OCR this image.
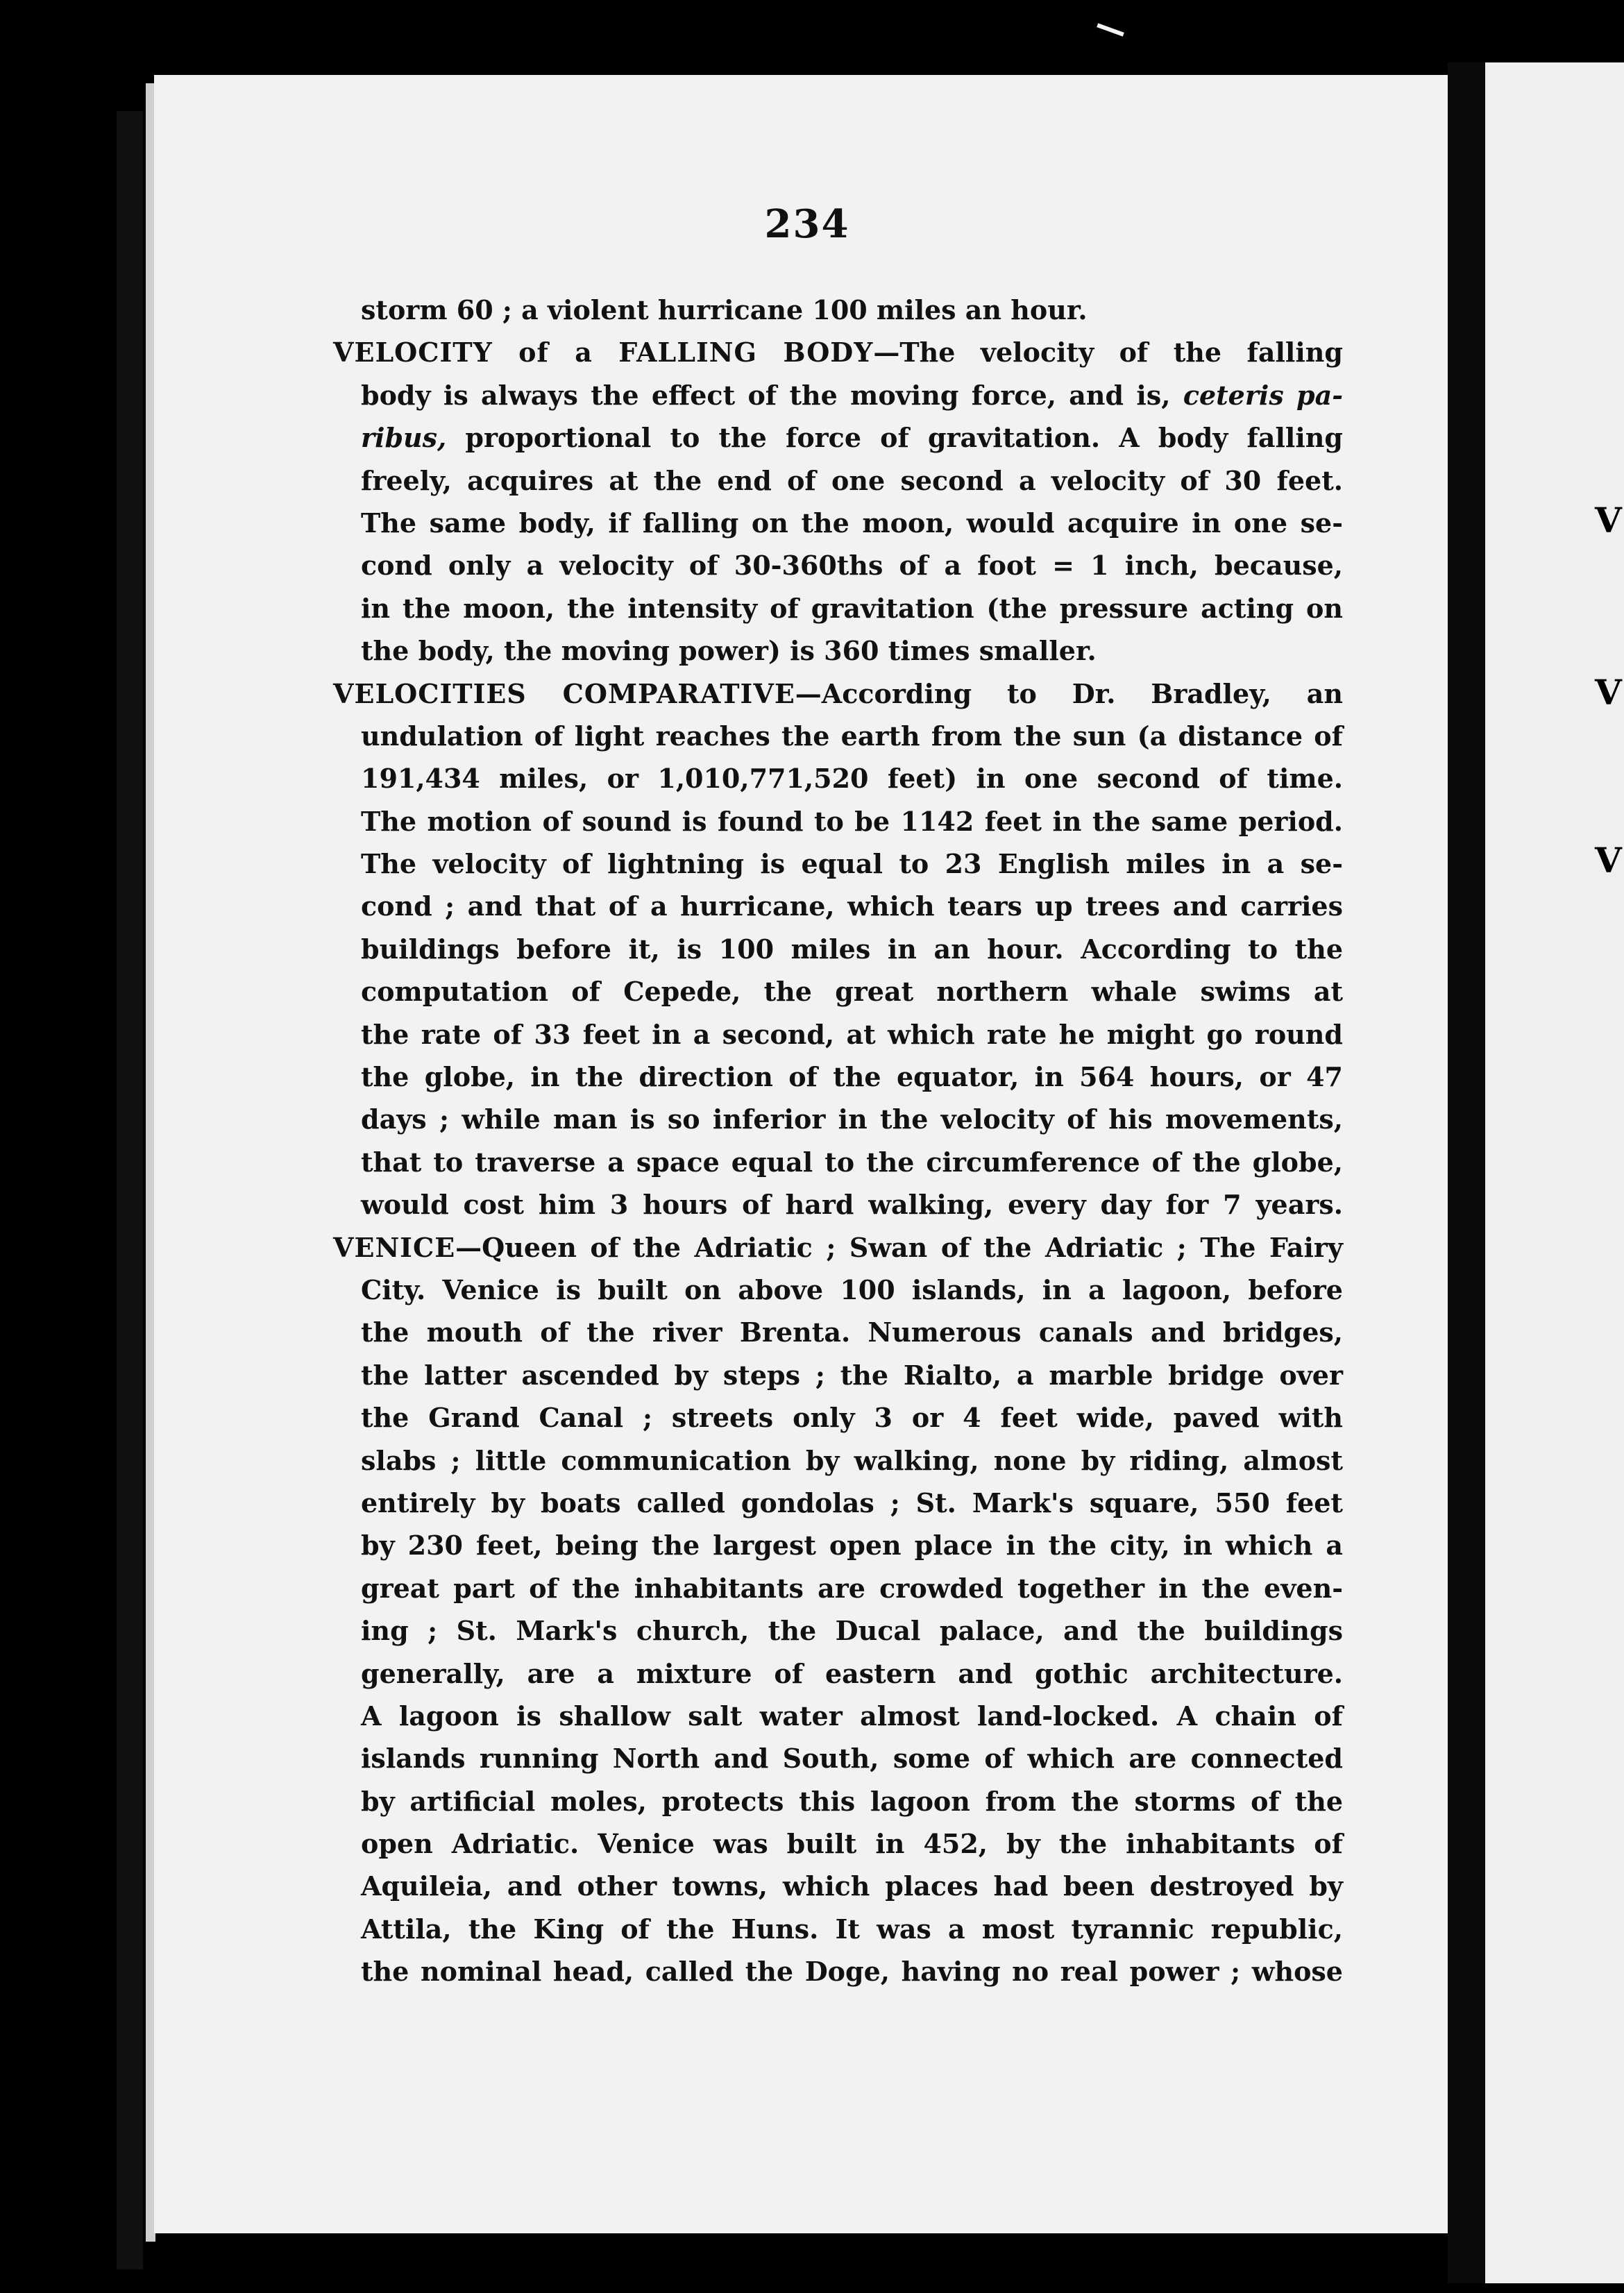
V
V
V
234
storm 60 ; a violent hurricane 100 miles an hour.
VELOCITY of a FALLING BODY—The velocity of the falling
body is always the effect of the moving force, and is, ceteris pa-
ribus, proportional to the force of gravitation. A body falling
freely, acquires at the end of one second a velocity of 30 feet.
The same body, if falling on the moon, would acquire in one se-
cond only a velocity of 30-360ths of a foot = 1 inch, because,
in the moon, the intensity of gravitation (the pressure acting on
the body, the moving power) is 360 times smaller.
VELOCITIES COMPARATIVE—According to Dr. Bradley, an
undulation of light reaches the earth from the sun (a distance of
191,434 miles, or 1,010,771,520 feet) in one second of time.
The motion of sound is found to be 1142 feet in the same period.
The velocity of lightning is equal to 23 English miles in a se-
cond ; and that of a hurricane, which tears up trees and carries
buildings before it, is 100 miles in an hour. According to the
computation of Cepede, the great northern whale swims at
the rate of 33 feet in a second, at which rate he might go round
the globe, in the direction of the equator, in 564 hours, or 47
days ; while man is so inferior in the velocity of his movements,
that to traverse a space equal to the circumference of the globe,
would cost him 3 hours of hard walking, every day for 7 years.
VENICE—Queen of the Adriatic ; Swan of the Adriatic ; The Fairy
City. Venice is built on above 100 islands, in a lagoon, before
the mouth of the river Brenta. Numerous canals and bridges,
the latter ascended by steps ; the Rialto, a marble bridge over
the Grand Canal ; streets only 3 or 4 feet wide, paved with
slabs ; little communication by walking, none by riding, almost
entirely by boats called gondolas ; St. Mark's square, 550 feet
by 230 feet, being the largest open place in the city, in which a
great part of the inhabitants are crowded together in the even-
ing ; St. Mark's church, the Ducal palace, and the buildings
generally, are a mixture of eastern and gothic architecture.
A lagoon is shallow salt water almost land-locked. A chain of
islands running North and South, some of which are connected
by artificial moles, protects this lagoon from the storms of the
open Adriatic. Venice was built in 452, by the inhabitants of
Aquileia, and other towns, which places had been destroyed by
Attila, the King of the Huns. It was a most tyrannic republic,
the nominal head, called the Doge, having no real power ; whose
